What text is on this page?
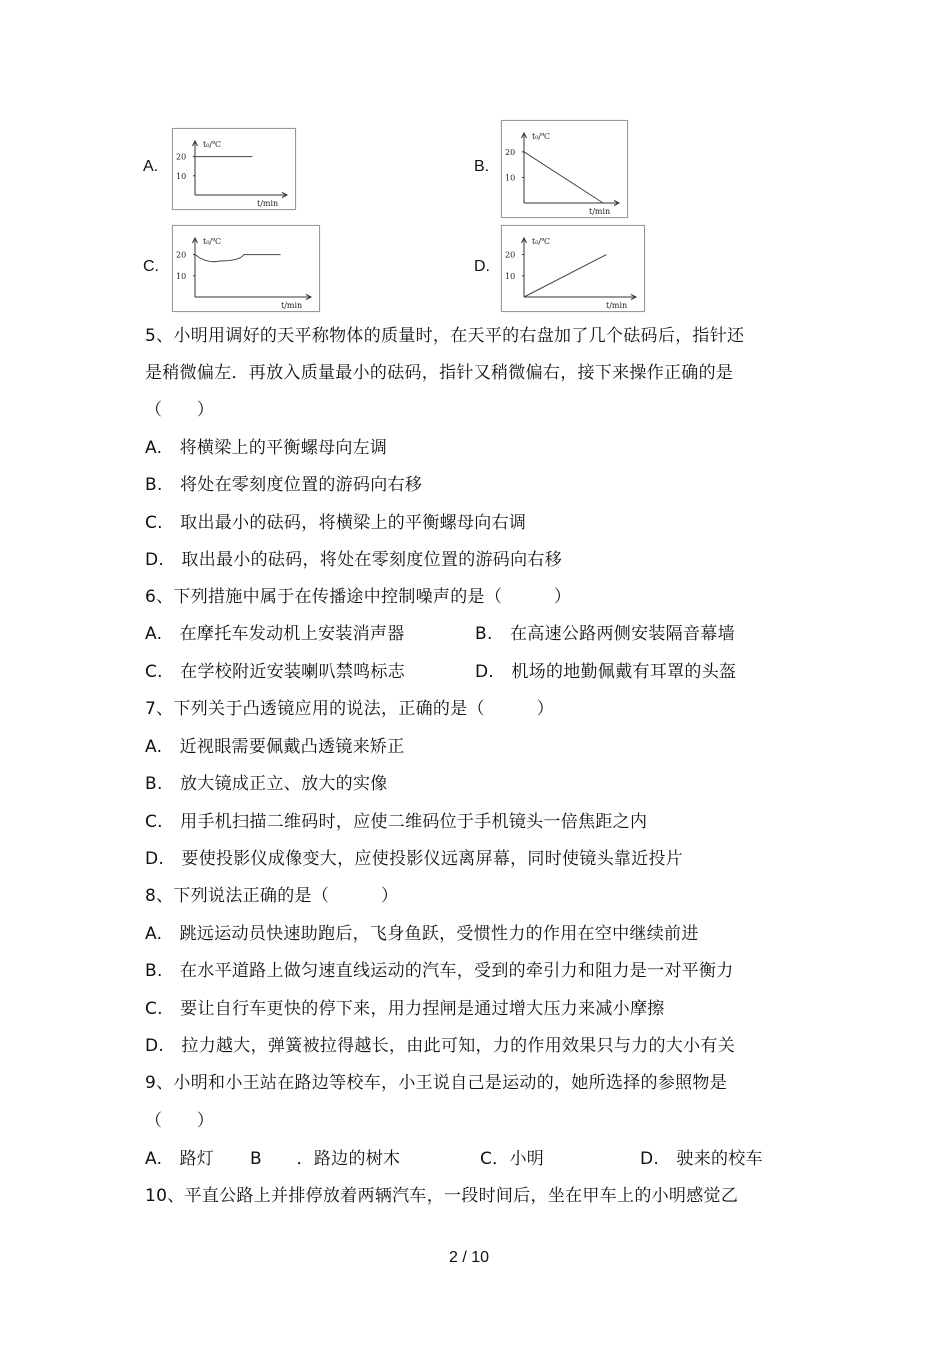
A.	B.
C.	D.
t₀/℃
t/min
20
10
t₀/℃
t/min
20
10
t₀/℃
t/min
20
10
t₀/℃
t/min
20
10
5、小明用调好的天平称物体的质量时，在天平的右盘加了几个砝码后，指针还
是稍微偏左．再放入质量最小的砝码，指针又稍微偏右，接下来操作正确的是
（　　）
A.　将横梁上的平衡螺母向左调
B.　将处在零刻度位置的游码向右移
C.　取出最小的砝码，将横梁上的平衡螺母向右调
D.　取出最小的砝码，将处在零刻度位置的游码向右移
6、下列措施中属于在传播途中控制噪声的是（　　　）
A.　在摩托车发动机上安装消声器	B.　在高速公路两侧安装隔音幕墙
C.　在学校附近安装喇叭禁鸣标志	D.　机场的地勤佩戴有耳罩的头盔
7、下列关于凸透镜应用的说法，正确的是（　　　）
A.　近视眼需要佩戴凸透镜来矫正
B.　放大镜成正立、放大的实像
C.　用手机扫描二维码时，应使二维码位于手机镜头一倍焦距之内
D.　要使投影仪成像变大，应使投影仪远离屏幕，同时使镜头靠近投片
8、下列说法正确的是（　　　）
A.　跳远运动员快速助跑后，飞身鱼跃，受惯性力的作用在空中继续前进
B.　在水平道路上做匀速直线运动的汽车，受到的牵引力和阻力是一对平衡力
C.　要让自行车更快的停下来，用力捏闸是通过增大压力来减小摩擦
D.　拉力越大，弹簧被拉得越长，由此可知，力的作用效果只与力的大小有关
9、小明和小王站在路边等校车，小王说自己是运动的，她所选择的参照物是
（　　）
A.　路灯 B　　．路边的树木	C．小明	D.　驶来的校车
10、平直公路上并排停放着两辆汽车，一段时间后，坐在甲车上的小明感觉乙
2 / 10
